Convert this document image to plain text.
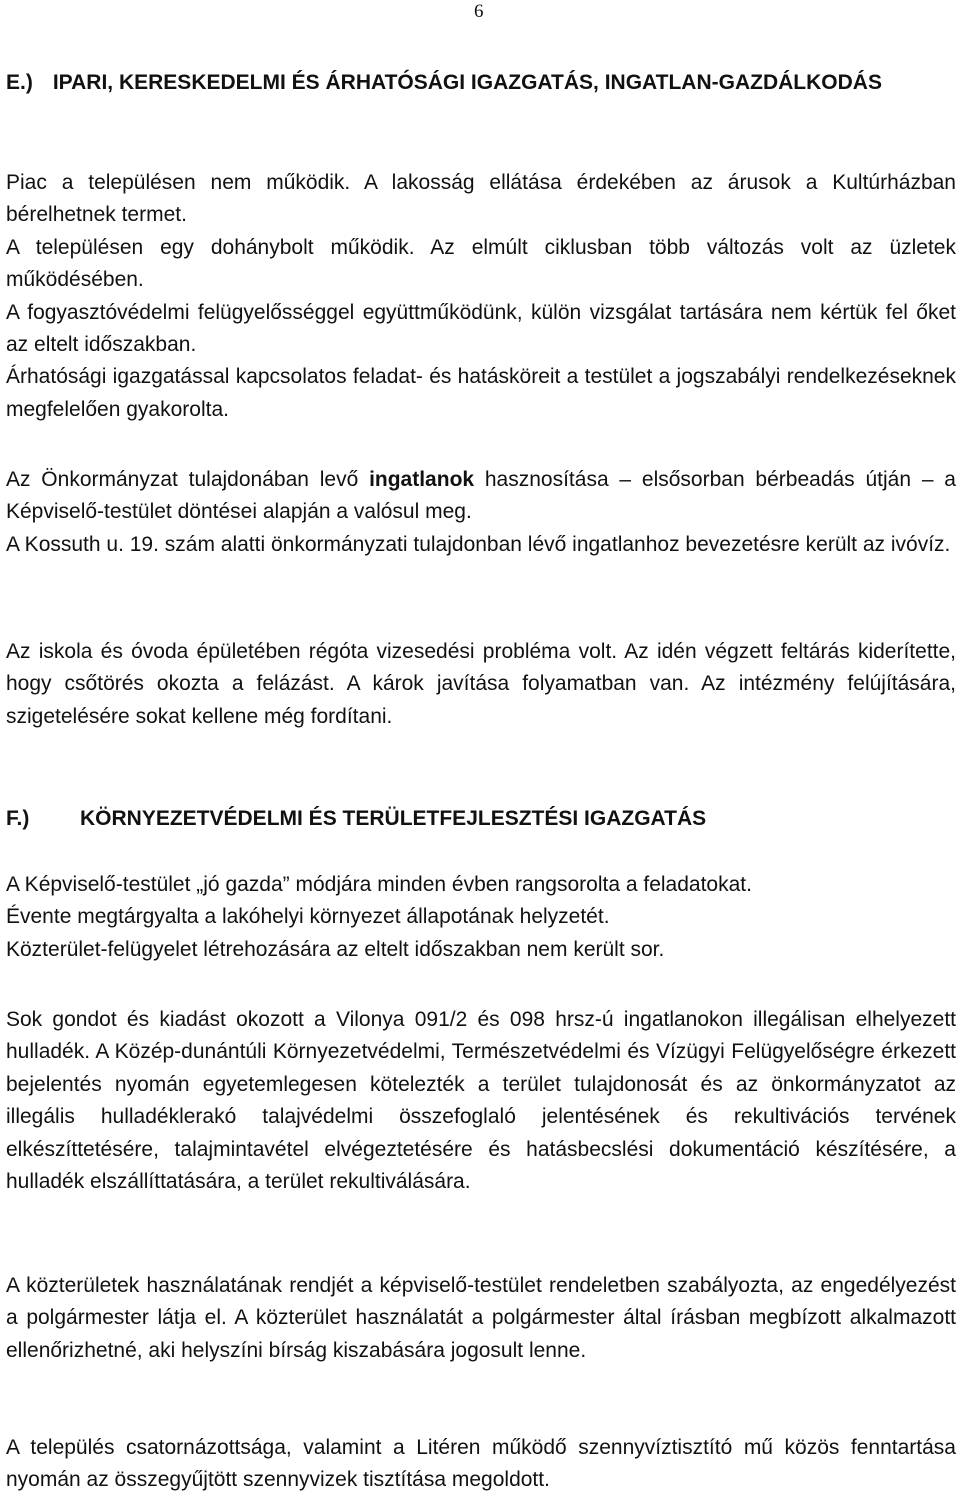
6
E.) IPARI, KERESKEDELMI ÉS ÁRHATÓSÁGI IGAZGATÁS, INGATLAN-GAZDÁLKODÁS

Piac a településen nem működik. A lakosság ellátása érdekében az árusok a Kultúrházban bérelhetnek termet.

A településen egy dohánybolt működik. Az elmúlt ciklusban több változás volt az üzletek működésében.

A fogyasztóvédelmi felügyelősséggel együttműködünk, külön vizsgálat tartására nem kértük fel őket az eltelt időszakban.

Árhatósági igazgatással kapcsolatos feladat- és hatásköreit a testület a jogszabályi rendelkezéseknek megfelelően gyakorolta.

Az Önkormányzat tulajdonában levő ingatlanok hasznosítása – elsősorban bérbeadás útján – a Képviselő-testület döntései alapján a valósul meg.

A Kossuth u. 19. szám alatti önkormányzati tulajdonban lévő ingatlanhoz bevezetésre került az ivóvíz.

Az iskola és óvoda épületében régóta vizesedési probléma volt. Az idén végzett feltárás kiderítette, hogy csőtörés okozta a felázást. A károk javítása folyamatban van. Az intézmény felújítására, szigetelésére sokat kellene még fordítani.

F.)	KÖRNYEZETVÉDELMI ÉS TERÜLETFEJLESZTÉSI IGAZGATÁS

A Képviselő-testület „jó gazda” módjára minden évben rangsorolta a feladatokat.

Évente megtárgyalta a lakóhelyi környezet állapotának helyzetét.

Közterület-felügyelet létrehozására az eltelt időszakban nem került sor.

Sok gondot és kiadást okozott a Vilonya 091/2 és 098 hrsz-ú ingatlanokon illegálisan elhelyezett hulladék. A Közép-dunántúli Környezetvédelmi, Természetvédelmi és Vízügyi Felügyelőségre érkezett bejelentés nyomán egyetemlegesen kötelezték a terület tulajdonosát és az önkormányzatot az illegális hulladéklerakó talajvédelmi összefoglaló jelentésének és rekultivációs tervének elkészíttetésére, talajmintavétel elvégeztetésére és hatásbecslési dokumentáció készítésére, a hulladék elszállíttatására, a terület rekultiválására.

A közterületek használatának rendjét a képviselő-testület rendeletben szabályozta, az engedélyezést a polgármester látja el. A közterület használatát a polgármester által írásban megbízott alkalmazott ellenőrizhetné, aki helyszíni bírság kiszabására jogosult lenne.

A település csatornázottsága, valamint a Litéren működő szennyvíztisztító mű közös fenntartása nyomán az összegyűjtött szennyvizek tisztítása megoldott.
